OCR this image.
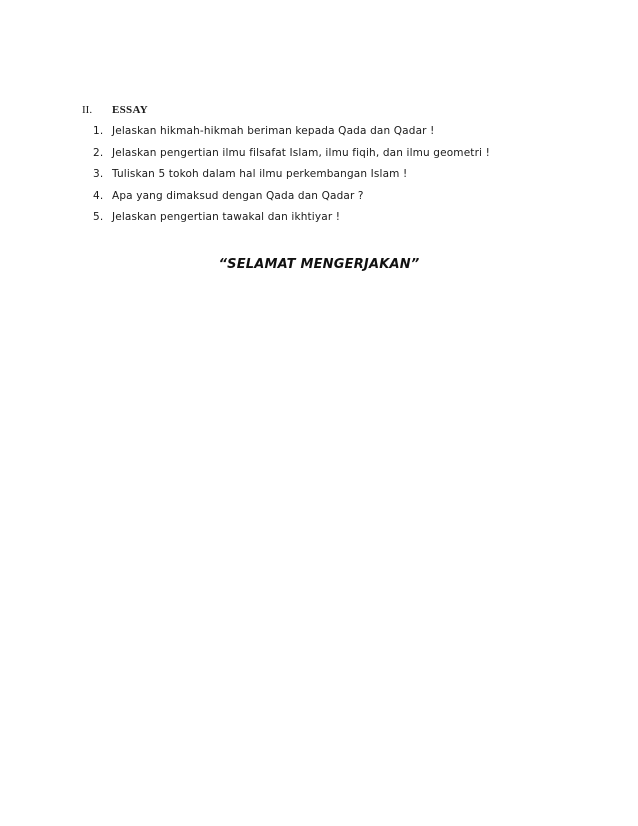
II. ESSAY
1. Jelaskan hikmah-hikmah beriman kepada Qada dan Qadar !
2. Jelaskan pengertian ilmu filsafat Islam, ilmu fiqih, dan ilmu geometri !
3. Tuliskan 5 tokoh dalam hal ilmu perkembangan Islam !
4. Apa yang dimaksud dengan Qada dan Qadar ?
5. Jelaskan pengertian tawakal dan ikhtiyar !
“SELAMAT MENGERJAKAN”
